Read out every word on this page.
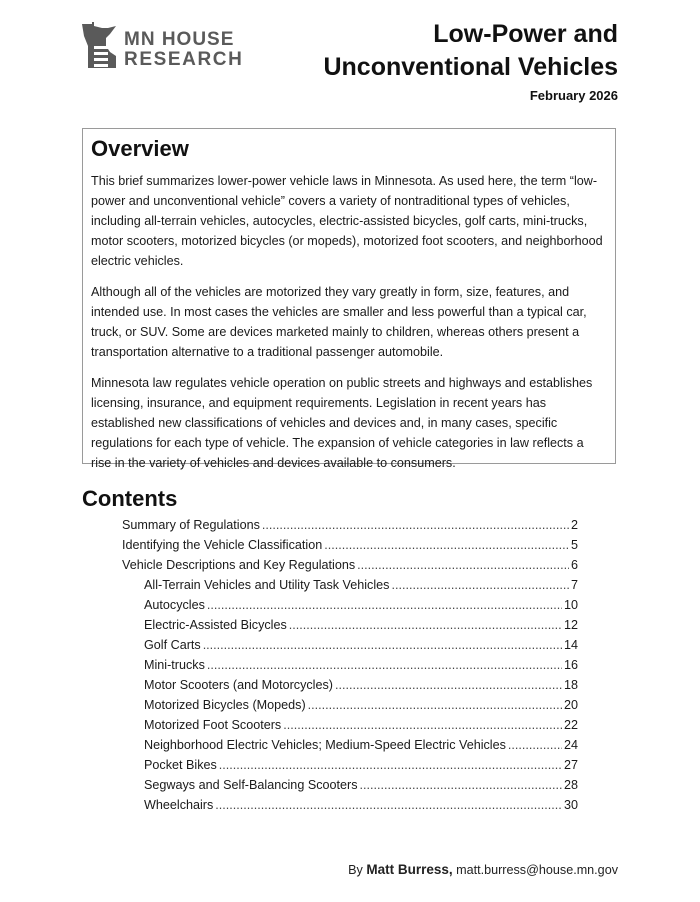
MN HOUSE
RESEARCH
Low-Power and
Unconventional Vehicles
February 2026
Overview

This brief summarizes lower-power vehicle laws in Minnesota. As used here, the term “low-power and unconventional vehicle” covers a variety of nontraditional types of vehicles, including all-terrain vehicles, autocycles, electric-assisted bicycles, golf carts, mini-trucks, motor scooters, motorized bicycles (or mopeds), motorized foot scooters, and neighborhood electric vehicles.

Although all of the vehicles are motorized they vary greatly in form, size, features, and intended use. In most cases the vehicles are smaller and less powerful than a typical car, truck, or SUV. Some are devices marketed mainly to children, whereas others present a transportation alternative to a traditional passenger automobile.

Minnesota law regulates vehicle operation on public streets and highways and establishes licensing, insurance, and equipment requirements. Legislation in recent years has established new classifications of vehicles and devices and, in many cases, specific regulations for each type of vehicle. The expansion of vehicle categories in law reflects a rise in the variety of vehicles and devices available to consumers.

Contents
Summary of Regulations .....	2
Identifying the Vehicle Classification .....	5
Vehicle Descriptions and Key Regulations .....	6
All-Terrain Vehicles and Utility Task Vehicles .....	7
Autocycles .....	10
Electric-Assisted Bicycles .....	12
Golf Carts .....	14
Mini-trucks .....	16
Motor Scooters (and Motorcycles) .....	18
Motorized Bicycles (Mopeds) .....	20
Motorized Foot Scooters .....	22
Neighborhood Electric Vehicles; Medium-Speed Electric Vehicles .....	24
Pocket Bikes .....	27
Segways and Self-Balancing Scooters .....	28
Wheelchairs .....	30
By Matt Burress, matt.burress@house.mn.gov
